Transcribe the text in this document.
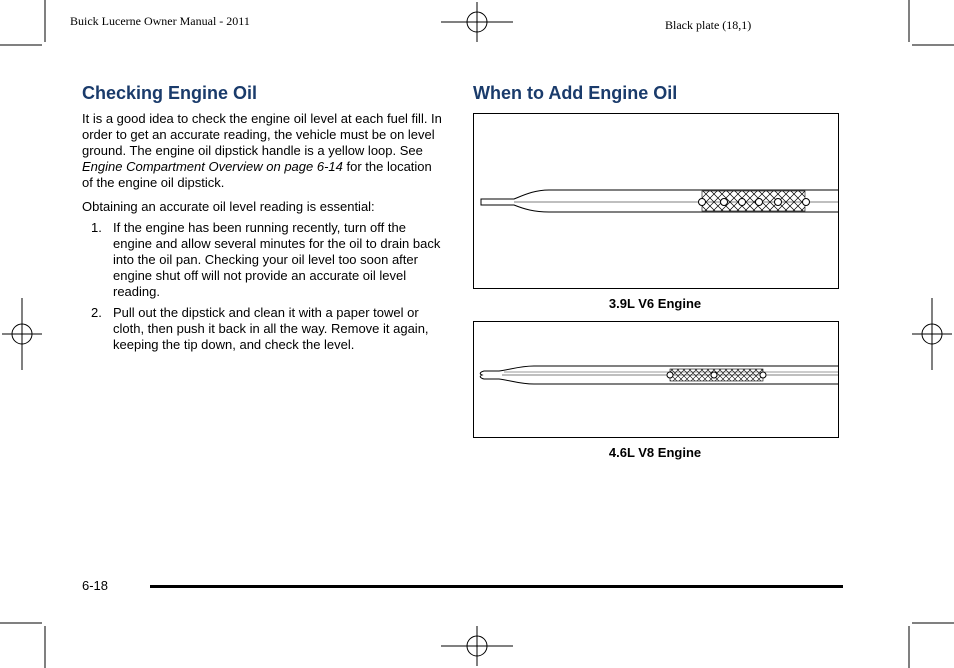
Buick Lucerne Owner Manual - 2011	Black plate (18,1)
Checking Engine Oil
It is a good idea to check the engine oil level at each fuel fill. In order to get an accurate reading, the vehicle must be on level ground. The engine oil dipstick handle is a yellow loop. See Engine Compartment Overview on page 6-14 for the location of the engine oil dipstick.
Obtaining an accurate oil level reading is essential:
1. If the engine has been running recently, turn off the engine and allow several minutes for the oil to drain back into the oil pan. Checking your oil level too soon after engine shut off will not provide an accurate oil level reading.
2. Pull out the dipstick and clean it with a paper towel or cloth, then push it back in all the way. Remove it again, keeping the tip down, and check the level.
When to Add Engine Oil
3.9L V6 Engine
4.6L V8 Engine
6-18
